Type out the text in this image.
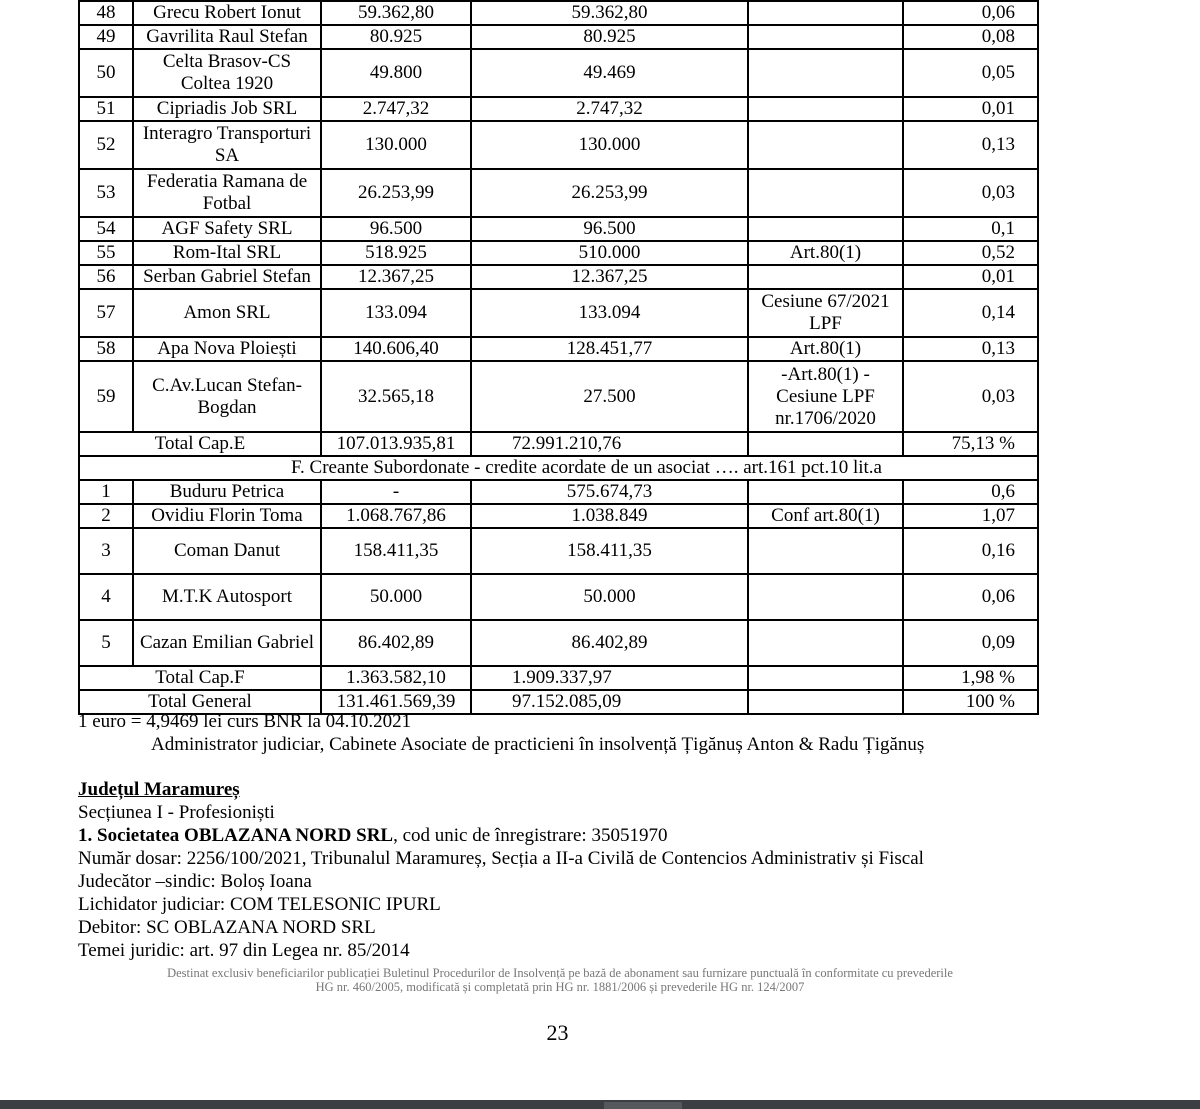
48	Grecu Robert Ionut	59.362,80	59.362,80		0,06
49	Gavrilita Raul Stefan	80.925	80.925		0,08
50	Celta Brasov-CS Coltea 1920	49.800	49.469		0,05
51	Cipriadis Job SRL	2.747,32	2.747,32		0,01
52	Interagro Transporturi SA	130.000	130.000		0,13
53	Federatia Ramana de Fotbal	26.253,99	26.253,99		0,03
54	AGF Safety SRL	96.500	96.500		0,1
55	Rom-Ital SRL	518.925	510.000	Art.80(1)	0,52
56	Serban Gabriel Stefan	12.367,25	12.367,25		0,01
57	Amon SRL	133.094	133.094	Cesiune 67/2021 LPF	0,14
58	Apa Nova Ploiești	140.606,40	128.451,77	Art.80(1)	0,13
59	C.Av.Lucan Stefan-Bogdan	32.565,18	27.500	-Art.80(1) -Cesiune LPF nr.1706/2020	0,03
Total Cap.E		107.013.935,81	72.991.210,76		75,13 %
F. Creante Subordonate - credite acordate de un asociat …. art.161 pct.10 lit.a					
1	Buduru Petrica	-	575.674,73		0,6
2	Ovidiu Florin Toma	1.068.767,86	1.038.849	Conf art.80(1)	1,07
3	Coman Danut	158.411,35	158.411,35		0,16
4	M.T.K Autosport	50.000	50.000		0,06
5	Cazan Emilian Gabriel	86.402,89	86.402,89		0,09
Total Cap.F		1.363.582,10	1.909.337,97		1,98 %
Total General		131.461.569,39	97.152.085,09		100 %
1 euro = 4,9469 lei curs BNR la 04.10.2021
Administrator judiciar, Cabinete Asociate de practicieni în insolvență Țigănuș Anton & Radu Țigănuș
Județul Maramureș
Secțiunea I - Profesioniști
1. Societatea OBLAZANA NORD SRL, cod unic de înregistrare: 35051970
Număr dosar: 2256/100/2021, Tribunalul Maramureș, Secția a II-a Civilă de Contencios Administrativ și Fiscal
Judecător –sindic: Boloș Ioana
Lichidator judiciar: COM TELESONIC IPURL
Debitor: SC OBLAZANA NORD SRL
Temei juridic: art. 97 din Legea nr. 85/2014
Destinat exclusiv beneficiarilor publicației Buletinul Procedurilor de Insolvență pe bază de abonament sau furnizare punctuală în conformitate cu prevederile
HG nr. 460/2005, modificată și completată prin HG nr. 1881/2006 și prevederile HG nr. 124/2007
23
